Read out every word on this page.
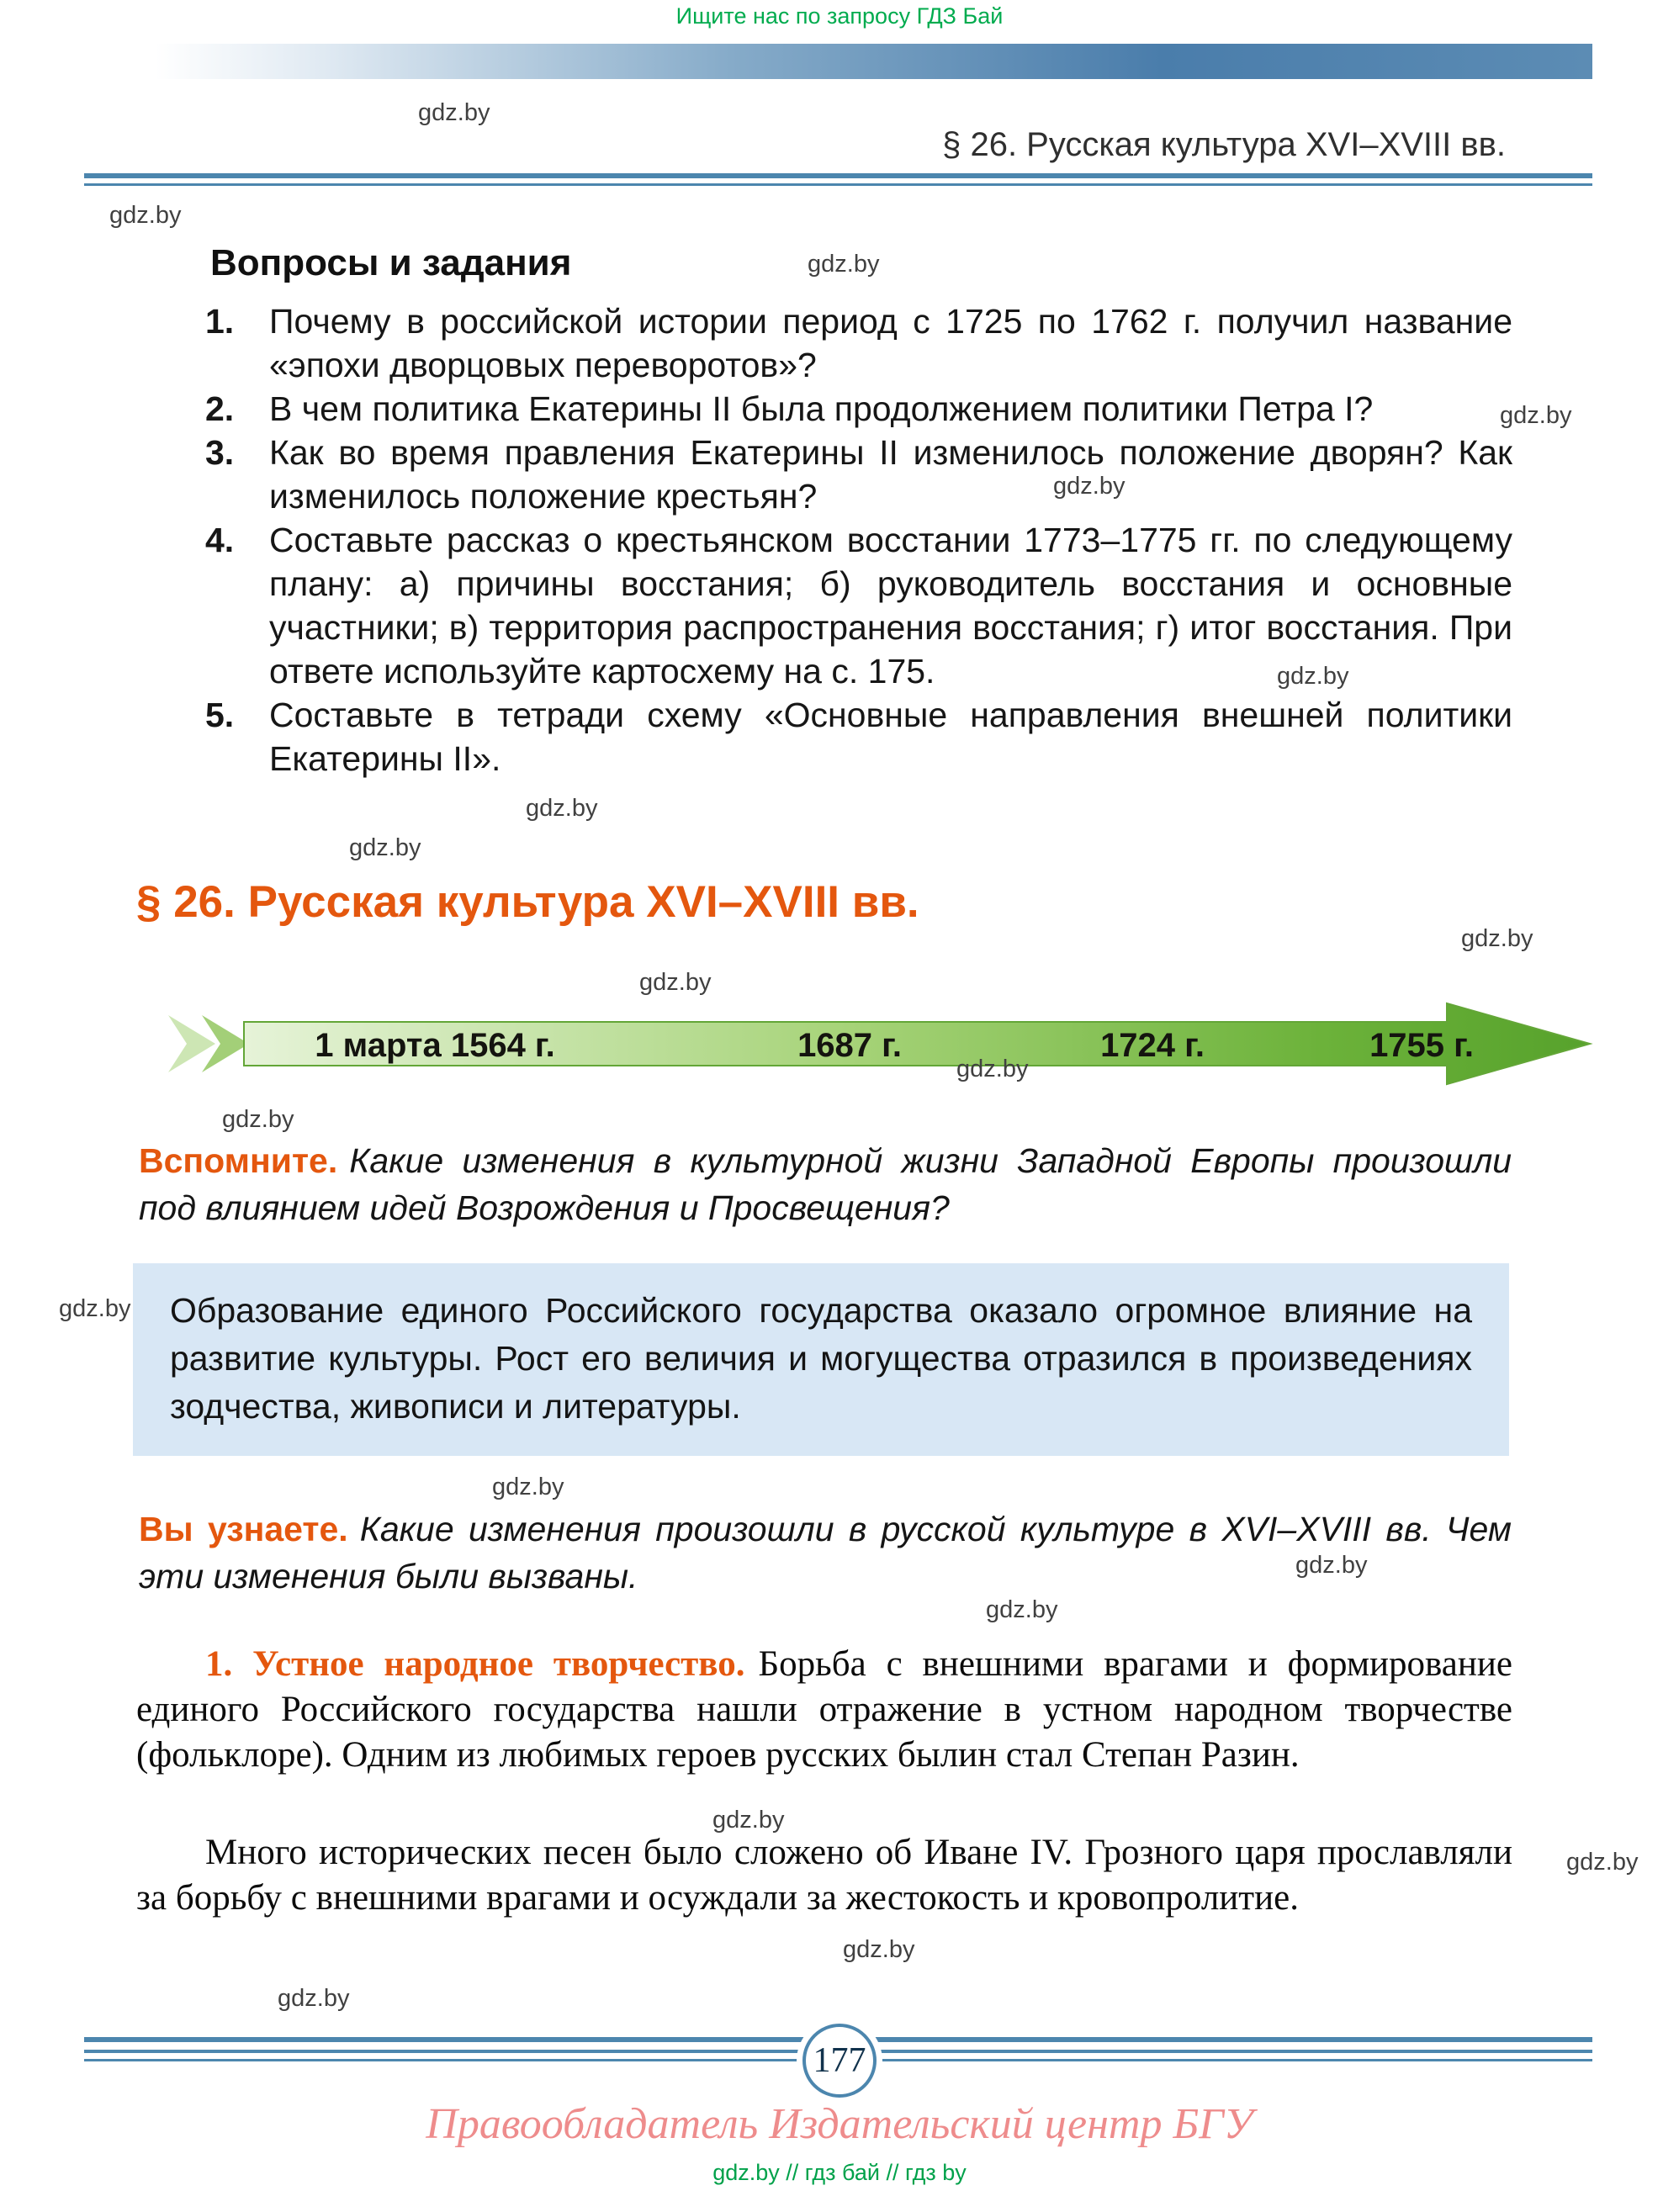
Ищите нас по запросу ГДЗ Бай
§ 26. Русская культура XVI–XVIII вв.
Вопросы и задания
1. Почему в российской истории период с 1725 по 1762 г. получил название «эпохи дворцовых переворотов»?
2. В чем политика Екатерины II была продолжением политики Петра I?
3. Как во время правления Екатерины II изменилось положение дворян? Как изменилось положение крестьян?
4. Составьте рассказ о крестьянском восстании 1773–1775 гг. по следующему плану: а) причины восстания; б) руководитель восстания и основные участники; в) территория распространения восстания; г) итог восстания. При ответе используйте картосхему на с. 175.
5. Составьте в тетради схему «Основные направления внешней политики Екатерины II».
§ 26. Русская культура XVI–XVIII вв.
1 марта 1564 г.	1687 г.	1724 г.	1755 г.

Вспомните. Какие изменения в культурной жизни Западной Европы произошли под влиянием идей Возрождения и Просвещения?

Образование единого Российского государства оказало огромное влияние на развитие культуры. Рост его величия и могущества отразился в произведениях зодчества, живописи и литературы.

Вы узнаете. Какие изменения произошли в русской культуре в XVI–XVIII вв. Чем эти изменения были вызваны.

1. Устное народное творчество. Борьба с внешними врагами и формирование единого Российского государства нашли отражение в устном народном творчестве (фольклоре). Одним из любимых героев русских былин стал Степан Разин.

Много исторических песен было сложено об Иване IV. Грозного царя прославляли за борьбу с внешними врагами и осуждали за жестокость и кровопролитие.

177
Правообладатель Издательский центр БГУ
gdz.by // гдз бай // гдз by
gdz.by
gdz.by
gdz.by
gdz.by
gdz.by
gdz.by
gdz.by
gdz.by
gdz.by
gdz.by
gdz.by
gdz.by
gdz.by
gdz.by
gdz.by
gdz.by
gdz.by
gdz.by
gdz.by
gdz.by
